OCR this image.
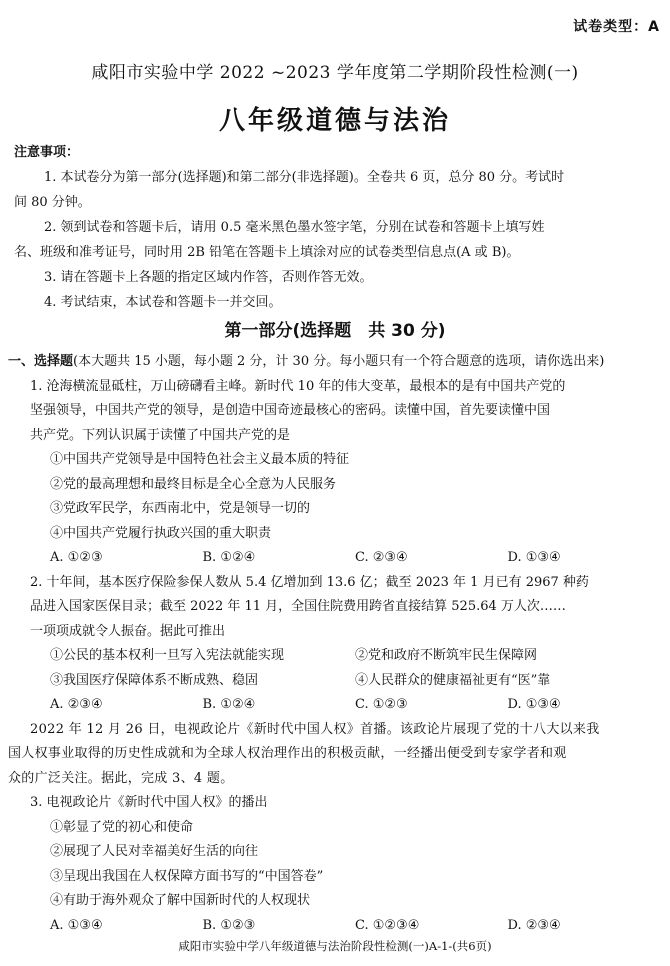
试卷类型：A
咸阳市实验中学 2022 ~2023 学年度第二学期阶段性检测(一)
八年级道德与法治
注意事项：
1. 本试卷分为第一部分(选择题)和第二部分(非选择题)。全卷共 6 页，总分 80 分。考试时
间 80 分钟。
2. 领到试卷和答题卡后，请用 0.5 毫米黑色墨水签字笔，分别在试卷和答题卡上填写姓
名、班级和准考证号，同时用 2B 铅笔在答题卡上填涂对应的试卷类型信息点(A 或 B)。
3. 请在答题卡上各题的指定区域内作答，否则作答无效。
4. 考试结束，本试卷和答题卡一并交回。
第一部分(选择题　共 30 分)
一、选择题(本大题共 15 小题，每小题 2 分，计 30 分。每小题只有一个符合题意的选项，请你选出来)
1. 沧海横流显砥柱，万山磅礴看主峰。新时代 10 年的伟大变革，最根本的是有中国共产党的
坚强领导，中国共产党的领导，是创造中国奇迹最核心的密码。读懂中国，首先要读懂中国
共产党。下列认识属于读懂了中国共产党的是
①中国共产党领导是中国特色社会主义最本质的特征
②党的最高理想和最终目标是全心全意为人民服务
③党政军民学，东西南北中，党是领导一切的
④中国共产党履行执政兴国的重大职责
A. ①②③	B. ①②④	C. ②③④	D. ①③④
2. 十年间，基本医疗保险参保人数从 5.4 亿增加到 13.6 亿；截至 2023 年 1 月已有 2967 种药
品进入国家医保目录；截至 2022 年 11 月，全国住院费用跨省直接结算 525.64 万人次……
一项项成就令人振奋。据此可推出
①公民的基本权利一旦写入宪法就能实现	②党和政府不断筑牢民生保障网
③我国医疗保障体系不断成熟、稳固	④人民群众的健康福祉更有“医”靠
A. ②③④	B. ①②④	C. ①②③	D. ①③④
2022 年 12 月 26 日，电视政论片《新时代中国人权》首播。该政论片展现了党的十八大以来我
国人权事业取得的历史性成就和为全球人权治理作出的积极贡献，一经播出便受到专家学者和观
众的广泛关注。据此，完成 3、4 题。
3. 电视政论片《新时代中国人权》的播出
①彰显了党的初心和使命
②展现了人民对幸福美好生活的向往
③呈现出我国在人权保障方面书写的“中国答卷”
④有助于海外观众了解中国新时代的人权现状
A. ①③④	B. ①②③	C. ①②③④	D. ②③④
咸阳市实验中学八年级道德与法治阶段性检测(一)A-1-(共6页)
